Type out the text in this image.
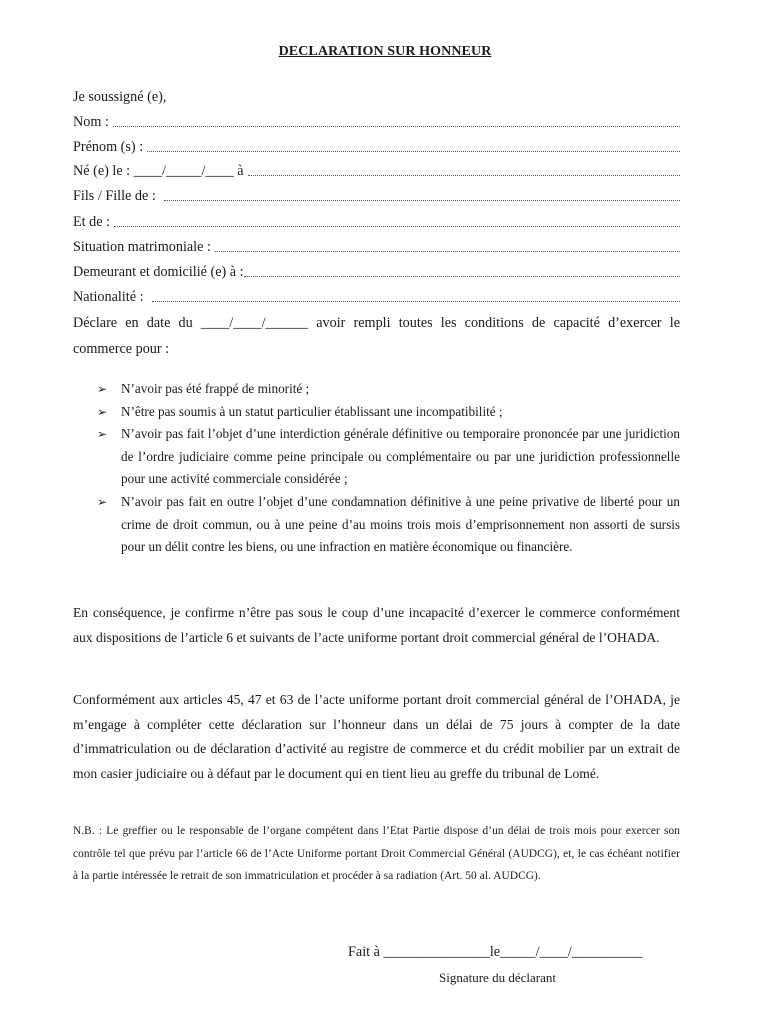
DECLARATION SUR HONNEUR
Je soussigné (e),
Nom :
Prénom (s) :
Né (e) le : ____/_____/____ à
Fils / Fille de :
Et de :
Situation matrimoniale :
Demeurant et domicilié (e) à :
Nationalité :
Déclare en date du ____/____/______ avoir rempli toutes les conditions de capacité d’exercer le
commerce pour :
➢ N’avoir pas été frappé de minorité ;
➢ N’être pas soumis à un statut particulier établissant une incompatibilité ;
➢ N’avoir pas fait l’objet d’une interdiction générale définitive ou temporaire prononcée par une juridiction de l’ordre judiciaire comme peine principale ou complémentaire ou par une juridiction professionnelle pour une activité commerciale considérée ;
➢ N’avoir pas fait en outre l’objet d’une condamnation définitive à une peine privative de liberté pour un crime de droit commun, ou à une peine d’au moins trois mois d’emprisonnement non assorti de sursis pour un délit contre les biens, ou une infraction en matière économique ou financière.

En conséquence, je confirme n’être pas sous le coup d’une incapacité d’exercer le commerce conformément aux dispositions de l’article 6 et suivants de l’acte uniforme portant droit commercial général de l’OHADA.

Conformément aux articles 45, 47 et 63 de l’acte uniforme portant droit commercial général de l’OHADA, je m’engage à compléter cette déclaration sur l’honneur dans un délai de 75 jours à compter de la date d’immatriculation ou de déclaration d’activité au registre de commerce et du crédit mobilier par un extrait de mon casier judiciaire ou à défaut par le document qui en tient lieu au greffe du tribunal de Lomé.

N.B. : Le greffier ou le responsable de l’organe compétent dans l’Etat Partie dispose d’un délai de trois mois pour exercer son contrôle tel que prévu par l’article 66 de l’Acte Uniforme portant Droit Commercial Général (AUDCG), et, le cas échéant notifier à la partie intéressée le retrait de son immatriculation et procéder à sa radiation (Art. 50 al. AUDCG).

Fait à _______________le_____/____/__________
Signature du déclarant
